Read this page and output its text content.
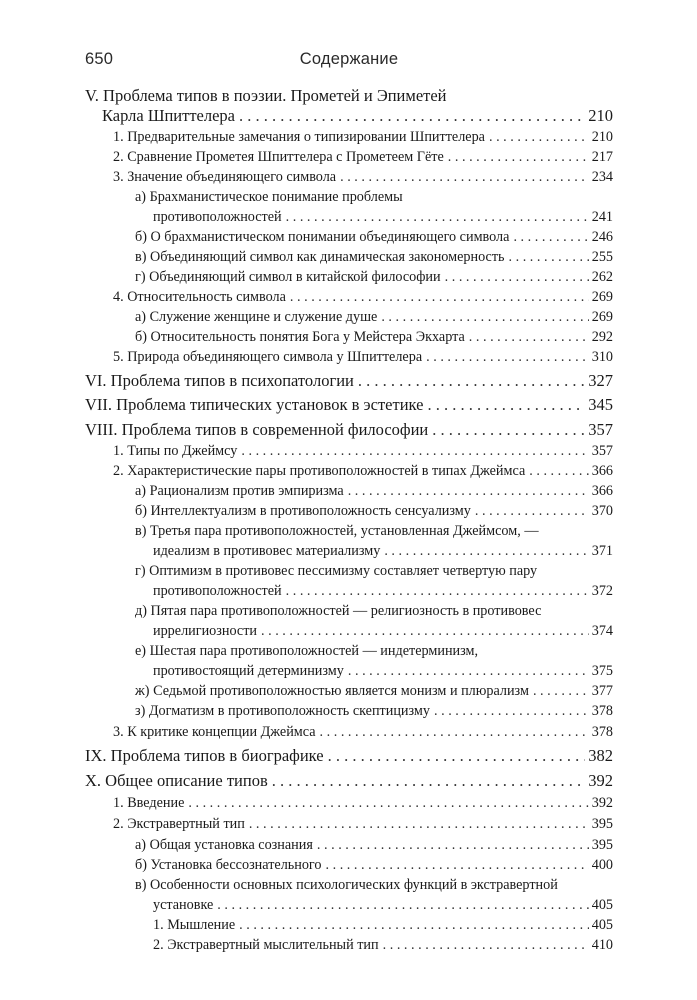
650	Содержание
V. Проблема типов в поэзии. Прометей и Эпиметей
Карла Шпиттелера . . .	210
1. Предварительные замечания о типизировании Шпиттелера . . .	210
2. Сравнение Прометея Шпиттелера с Прометеем Гёте . . .	217
3. Значение объединяющего символа . . .	234
а) Брахманистическое понимание проблемы
противоположностей . . .	241
б) О брахманистическом понимании объединяющего символа . . .	246
в) Объединяющий символ как динамическая закономерность . . .	255
г) Объединяющий символ в китайской философии . . .	262
4. Относительность символа . . .	269
а) Служение женщине и служение душе . . .	269
б) Относительность понятия Бога у Мейстера Экхарта . . .	292
5. Природа объединяющего символа у Шпиттелера . . .	310
VI. Проблема типов в психопатологии . . .	327
VII. Проблема типических установок в эстетике . . .	345
VIII. Проблема типов в современной философии . . .	357
1. Типы по Джеймсу . . .	357
2. Характеристические пары противоположностей в типах Джеймса . . .	366
а) Рационализм против эмпиризма . . .	366
б) Интеллектуализм в противоположность сенсуализму . . .	370
в) Третья пара противоположностей, установленная Джеймсом, —
идеализм в противовес материализму . . .	371
г) Оптимизм в противовес пессимизму составляет четвертую пару
противоположностей . . .	372
д) Пятая пара противоположностей — религиозность в противовес
иррелигиозности . . .	374
е) Шестая пара противоположностей — индетерминизм,
противостоящий детерминизму . . .	375
ж) Седьмой противоположностью является монизм и плюрализм . . .	377
з) Догматизм в противоположность скептицизму . . .	378
3. К критике концепции Джеймса . . .	378
IX. Проблема типов в биографике . . .	382
X. Общее описание типов . . .	392
1. Введение . . .	392
2. Экстравертный тип . . .	395
а) Общая установка сознания . . .	395
б) Установка бессознательного . . .	400
в) Особенности основных психологических функций в экстравертной
установке . . .	405
1. Мышление . . .	405
2. Экстравертный мыслительный тип . . .	410
